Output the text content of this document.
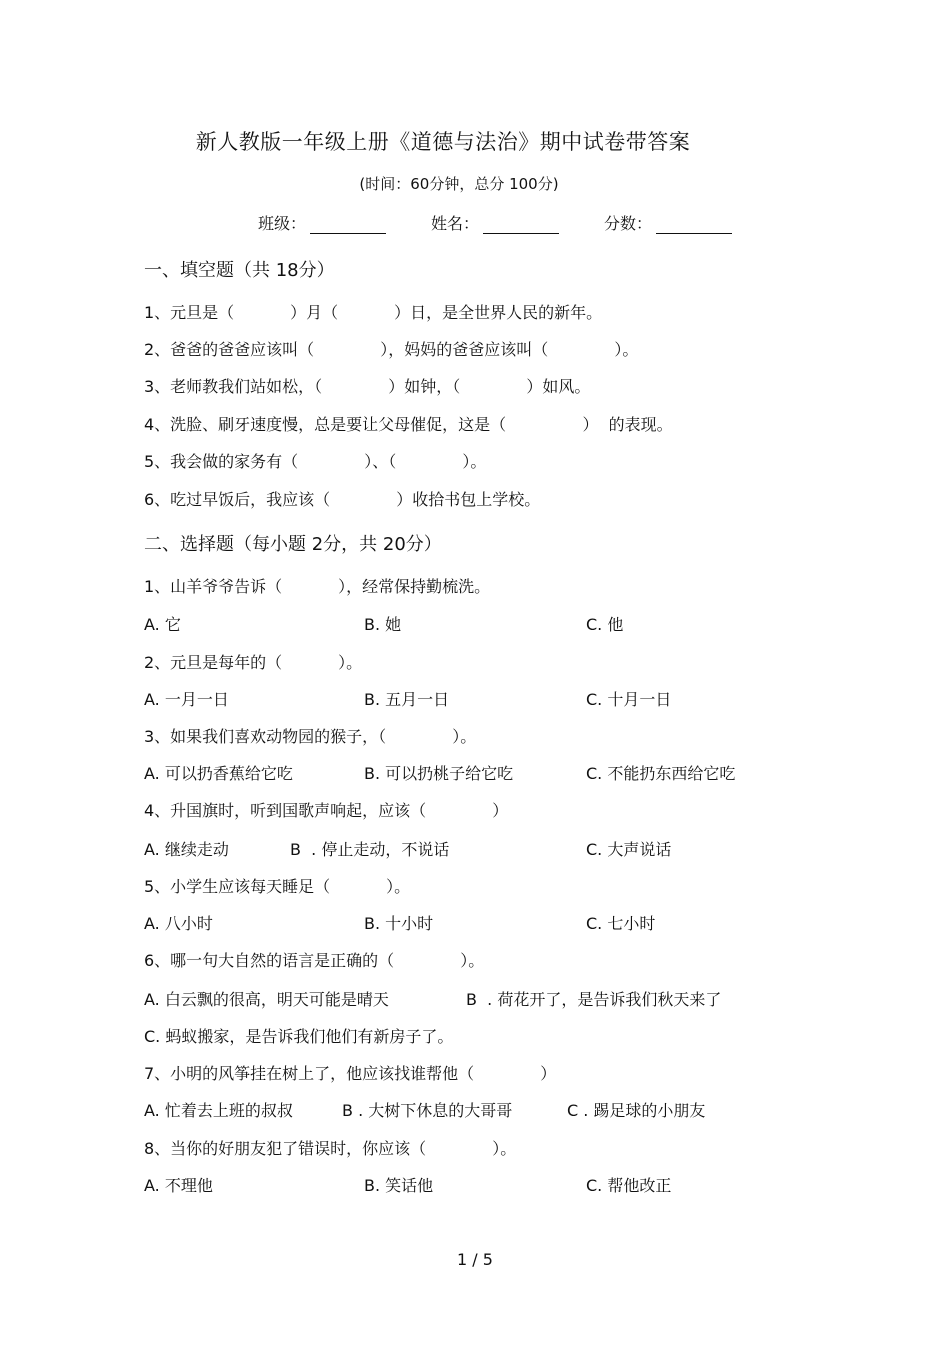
新人教版一年级上册《道德与法治》期中试卷带答案
(时间：60分钟，总分 100分)
班级：	姓名：	分数：
一、填空题（共 18分）
1、元旦是（           ）月（           ）日，是全世界人民的新年。
2、爸爸的爸爸应该叫（             ），妈妈的爸爸应该叫（             ）。
3、老师教我们站如松，（             ）如钟，（             ）如风。
4、洗脸、刷牙速度慢，总是要让父母催促，这是（               ）  的表现。
5、我会做的家务有（             ）、（             ）。
6、吃过早饭后，我应该（             ）收拾书包上学校。
二、选择题（每小题 2分，共 20分）
1、山羊爷爷告诉（           ），经常保持勤梳洗。
A. 它	B. 她	C. 他
2、元旦是每年的（           ）。
A. 一月一日	B. 五月一日	C. 十月一日
3、如果我们喜欢动物园的猴子，（             ）。
A. 可以扔香蕉给它吃	B. 可以扔桃子给它吃	C. 不能扔东西给它吃
4、升国旗时，听到国歌声响起，应该（             ）
A. 继续走动	B  . 停止走动，不说话	C. 大声说话
5、小学生应该每天睡足（           ）。
A. 八小时	B. 十小时	C. 七小时
6、哪一句大自然的语言是正确的（             ）。
A. 白云飘的很高，明天可能是晴天	B  . 荷花开了，是告诉我们秋天来了
C. 蚂蚁搬家，是告诉我们他们有新房子了。
7、小明的风筝挂在树上了，他应该找谁帮他（             ）
A. 忙着去上班的叔叔	B . 大树下休息的大哥哥	C . 踢足球的小朋友
8、当你的好朋友犯了错误时，你应该（             ）。
A. 不理他	B. 笑话他	C. 帮他改正
1 / 5
